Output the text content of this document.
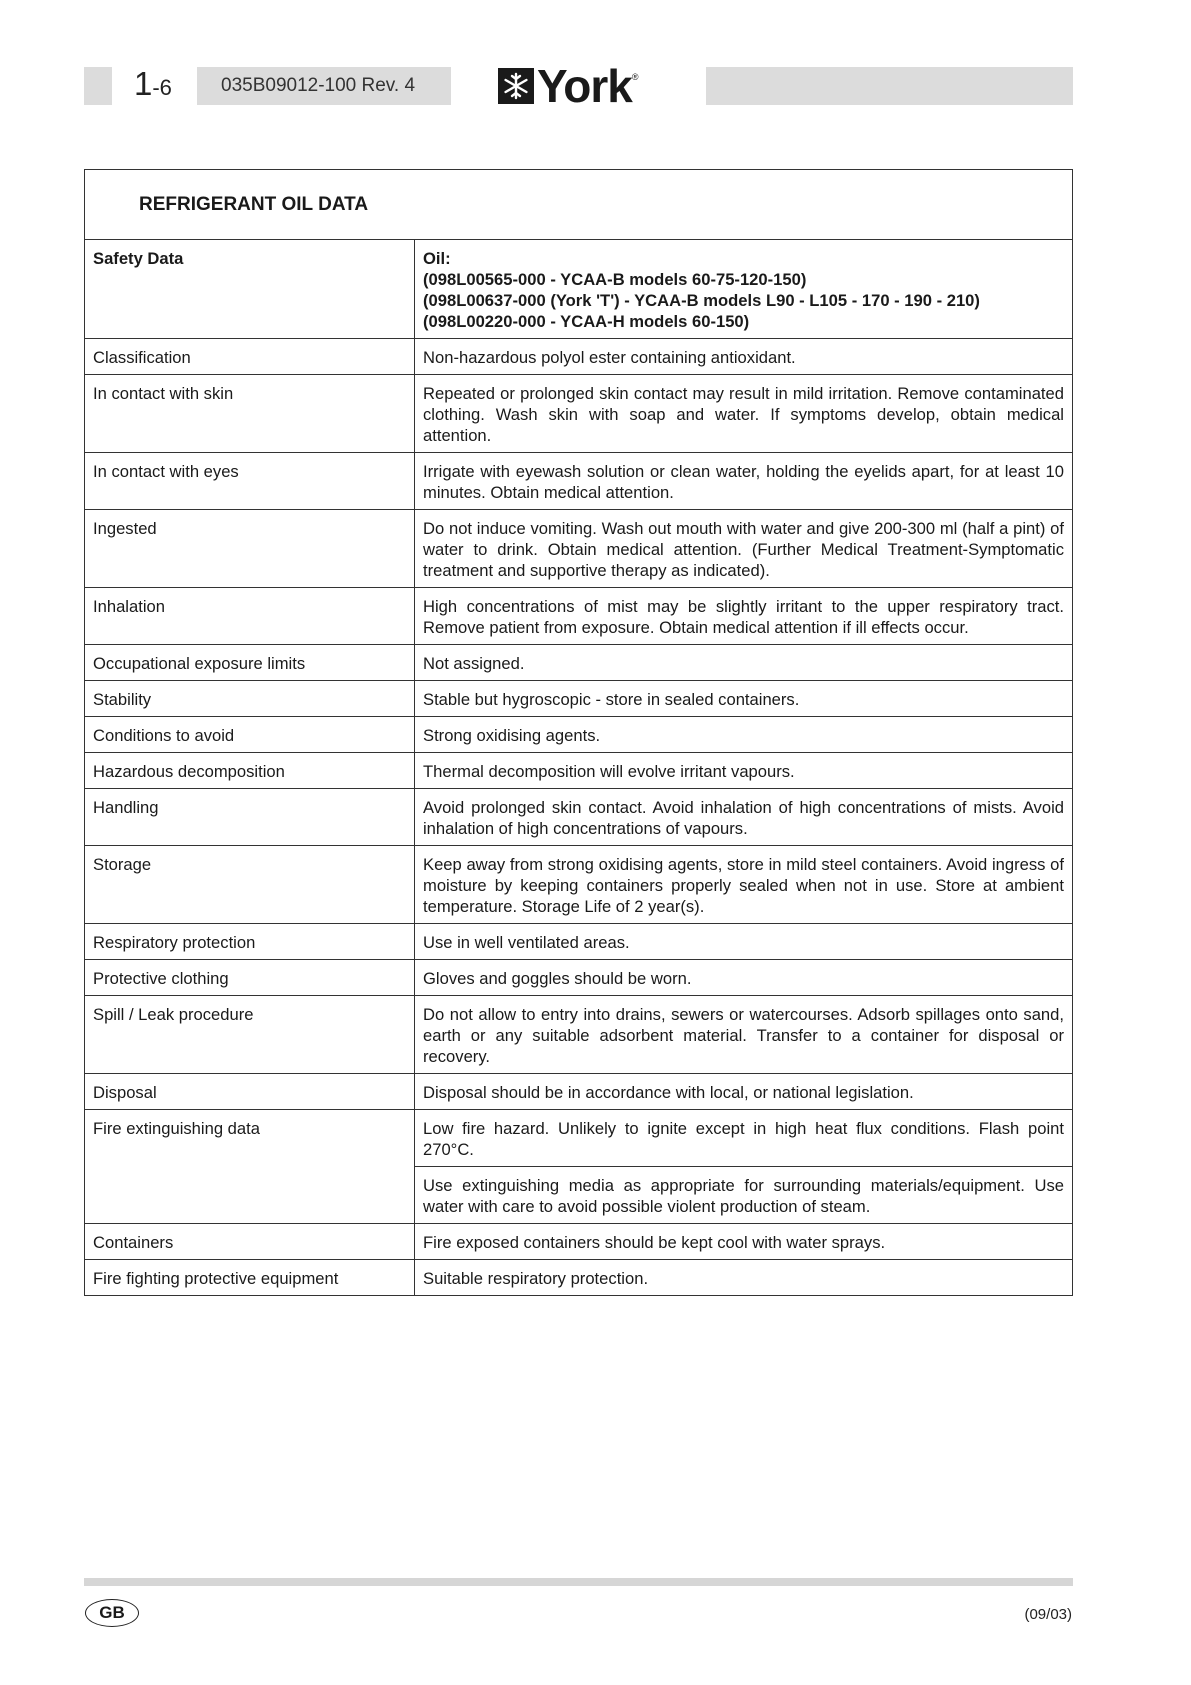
1-6	035B09012-100 Rev. 4	York ®
REFRIGERANT OIL DATA
Safety Data	Oil:
(098L00565-000 - YCAA-B models 60-75-120-150)
(098L00637-000 (York 'T') - YCAA-B models L90 - L105 - 170 - 190 - 210)
(098L00220-000 - YCAA-H models 60-150)

Classification	Non-hazardous polyol ester containing antioxidant.
In contact with skin	Repeated or prolonged skin contact may result in mild irritation. Remove contaminated clothing. Wash skin with soap and water. If symptoms develop, obtain medical attention.
In contact with eyes	Irrigate with eyewash solution or clean water, holding the eyelids apart, for at least 10 minutes. Obtain medical attention.
Ingested	Do not induce vomiting. Wash out mouth with water and give 200-300 ml (half a pint) of water to drink. Obtain medical attention. (Further Medical Treatment-Symptomatic treatment and supportive therapy as indicated).
Inhalation	High concentrations of mist may be slightly irritant to the upper respiratory tract. Remove patient from exposure. Obtain medical attention if ill effects occur.
Occupational exposure limits	Not assigned.
Stability	Stable but hygroscopic - store in sealed containers.
Conditions to avoid	Strong oxidising agents.
Hazardous decomposition	Thermal decomposition will evolve irritant vapours.
Handling	Avoid prolonged skin contact. Avoid inhalation of high concentrations of mists. Avoid inhalation of high concentrations of vapours.
Storage	Keep away from strong oxidising agents, store in mild steel containers. Avoid ingress of moisture by keeping containers properly sealed when not in use. Store at ambient temperature. Storage Life of 2 year(s).
Respiratory protection	Use in well ventilated areas.
Protective clothing	Gloves and goggles should be worn.
Spill / Leak procedure	Do not allow to entry into drains, sewers or watercourses. Adsorb spillages onto sand, earth or any suitable adsorbent material. Transfer to a container for disposal or recovery.
Disposal	Disposal should be in accordance with local, or national legislation.
Fire extinguishing data	Low fire hazard. Unlikely to ignite except in high heat flux conditions. Flash point 270°C.
	Use extinguishing media as appropriate for surrounding materials/equipment. Use water with care to avoid possible violent production of steam.
Containers	Fire exposed containers should be kept cool with water sprays.
Fire fighting protective equipment	Suitable respiratory protection.
GB	(09/03)
